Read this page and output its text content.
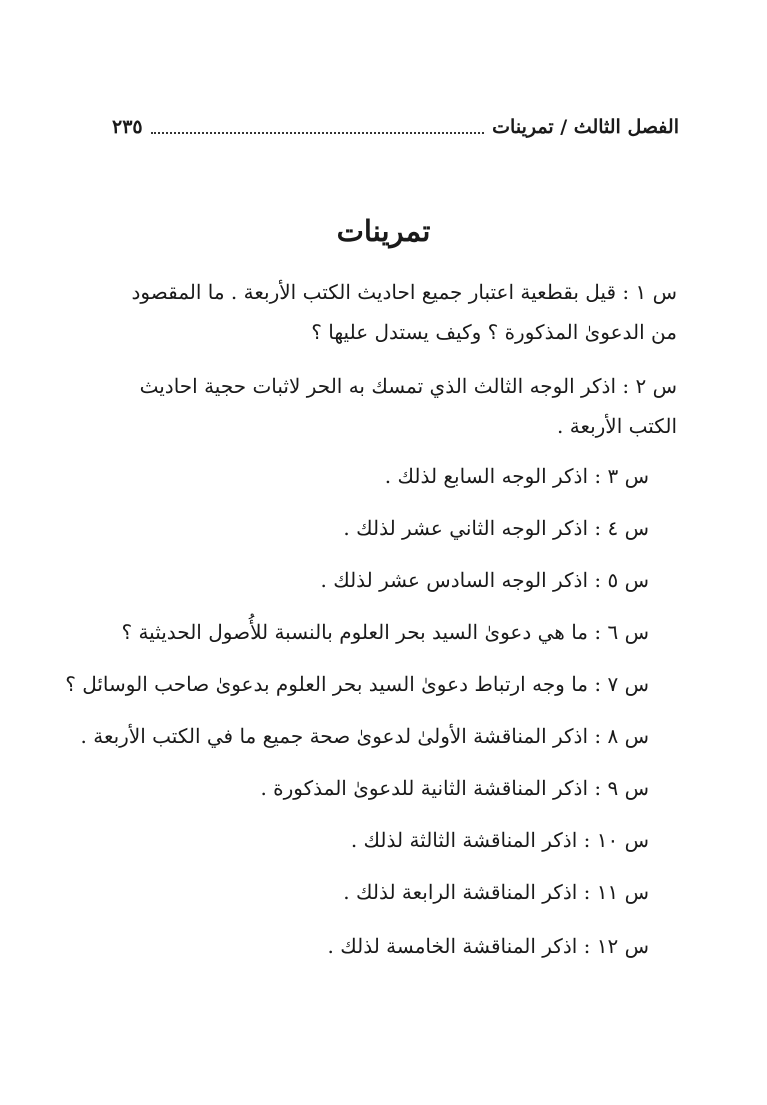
الفصل الثالث / تمرينات
٢٣٥
تمرينات
س ١ : قيل بقطعية اعتبار جميع احاديث الكتب الأربعة . ما المقصود من الدعوىٰ المذكورة ؟ وكيف يستدل عليها ؟
س ٢ : اذكر الوجه الثالث الذي تمسك به الحر لاثبات حجية احاديث الكتب الأربعة .
س ٣ : اذكر الوجه السابع لذلك .
س ٤ : اذكر الوجه الثاني عشر لذلك .
س ٥ : اذكر الوجه السادس عشر لذلك .
س ٦ : ما هي دعوىٰ السيد بحر العلوم بالنسبة للأُصول الحديثية ؟
س ٧ : ما وجه ارتباط دعوىٰ السيد بحر العلوم بدعوىٰ صاحب الوسائل ؟
س ٨ : اذكر المناقشة الأولىٰ لدعوىٰ صحة جميع ما في الكتب الأربعة .
س ٩ : اذكر المناقشة الثانية للدعوىٰ المذكورة .
س ١٠ : اذكر المناقشة الثالثة لذلك .
س ١١ : اذكر المناقشة الرابعة لذلك .
س ١٢ : اذكر المناقشة الخامسة لذلك .
